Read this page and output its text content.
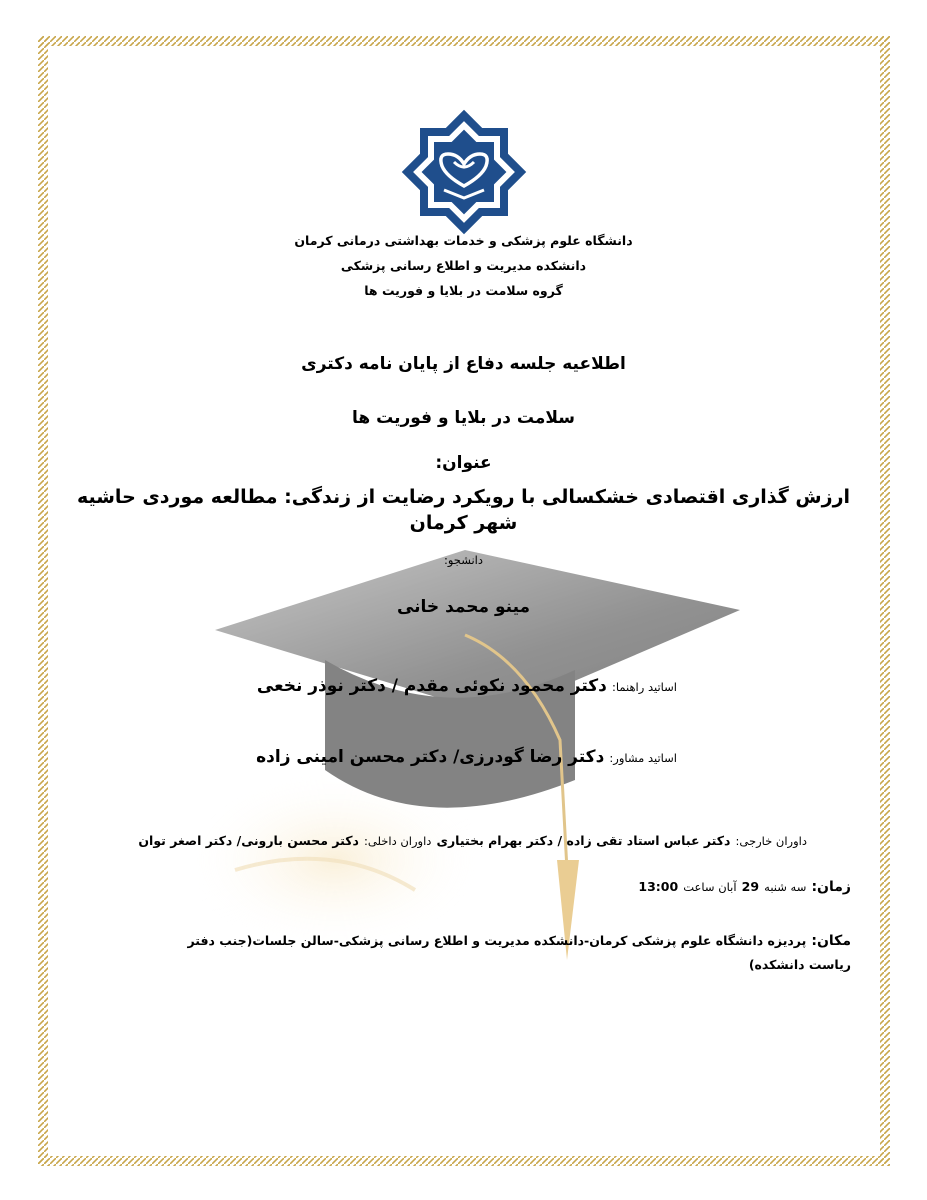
دانشگاه علوم پزشکی و خدمات بهداشتی درمانی کرمان
دانشکده مدیریت و اطلاع رسانی پزشکی
گروه سلامت در بلایا و فوریت ها
اطلاعیه جلسه دفاع از پایان نامه دکتری
سلامت در بلایا و فوریت ها
عنوان:
ارزش گذاری اقتصادی خشکسالی با رویکرد رضایت از زندگی: مطالعه موردی حاشیه
شهر کرمان
دانشجو:
مینو محمد خانی
اساتید راهنما: دکتر محمود نکوئی مقدم / دکتر نوذر نخعی
اساتید مشاور: دکتر رضا گودرزی/ دکتر محسن امینی زاده
داوران خارجی: دکتر عباس استاد تقی زاده / دکتر بهرام بختیاری داوران داخلی: دکتر محسن بارونی/ دکتر اصغر توان
زمان: سه شنبه 29 آبان ساعت 13:00
مکان: پردیزه دانشگاه علوم پزشکی کرمان-دانشکده مدیریت و اطلاع رسانی پزشکی-سالن جلسات(جنب دفتر
ریاست دانشکده)
